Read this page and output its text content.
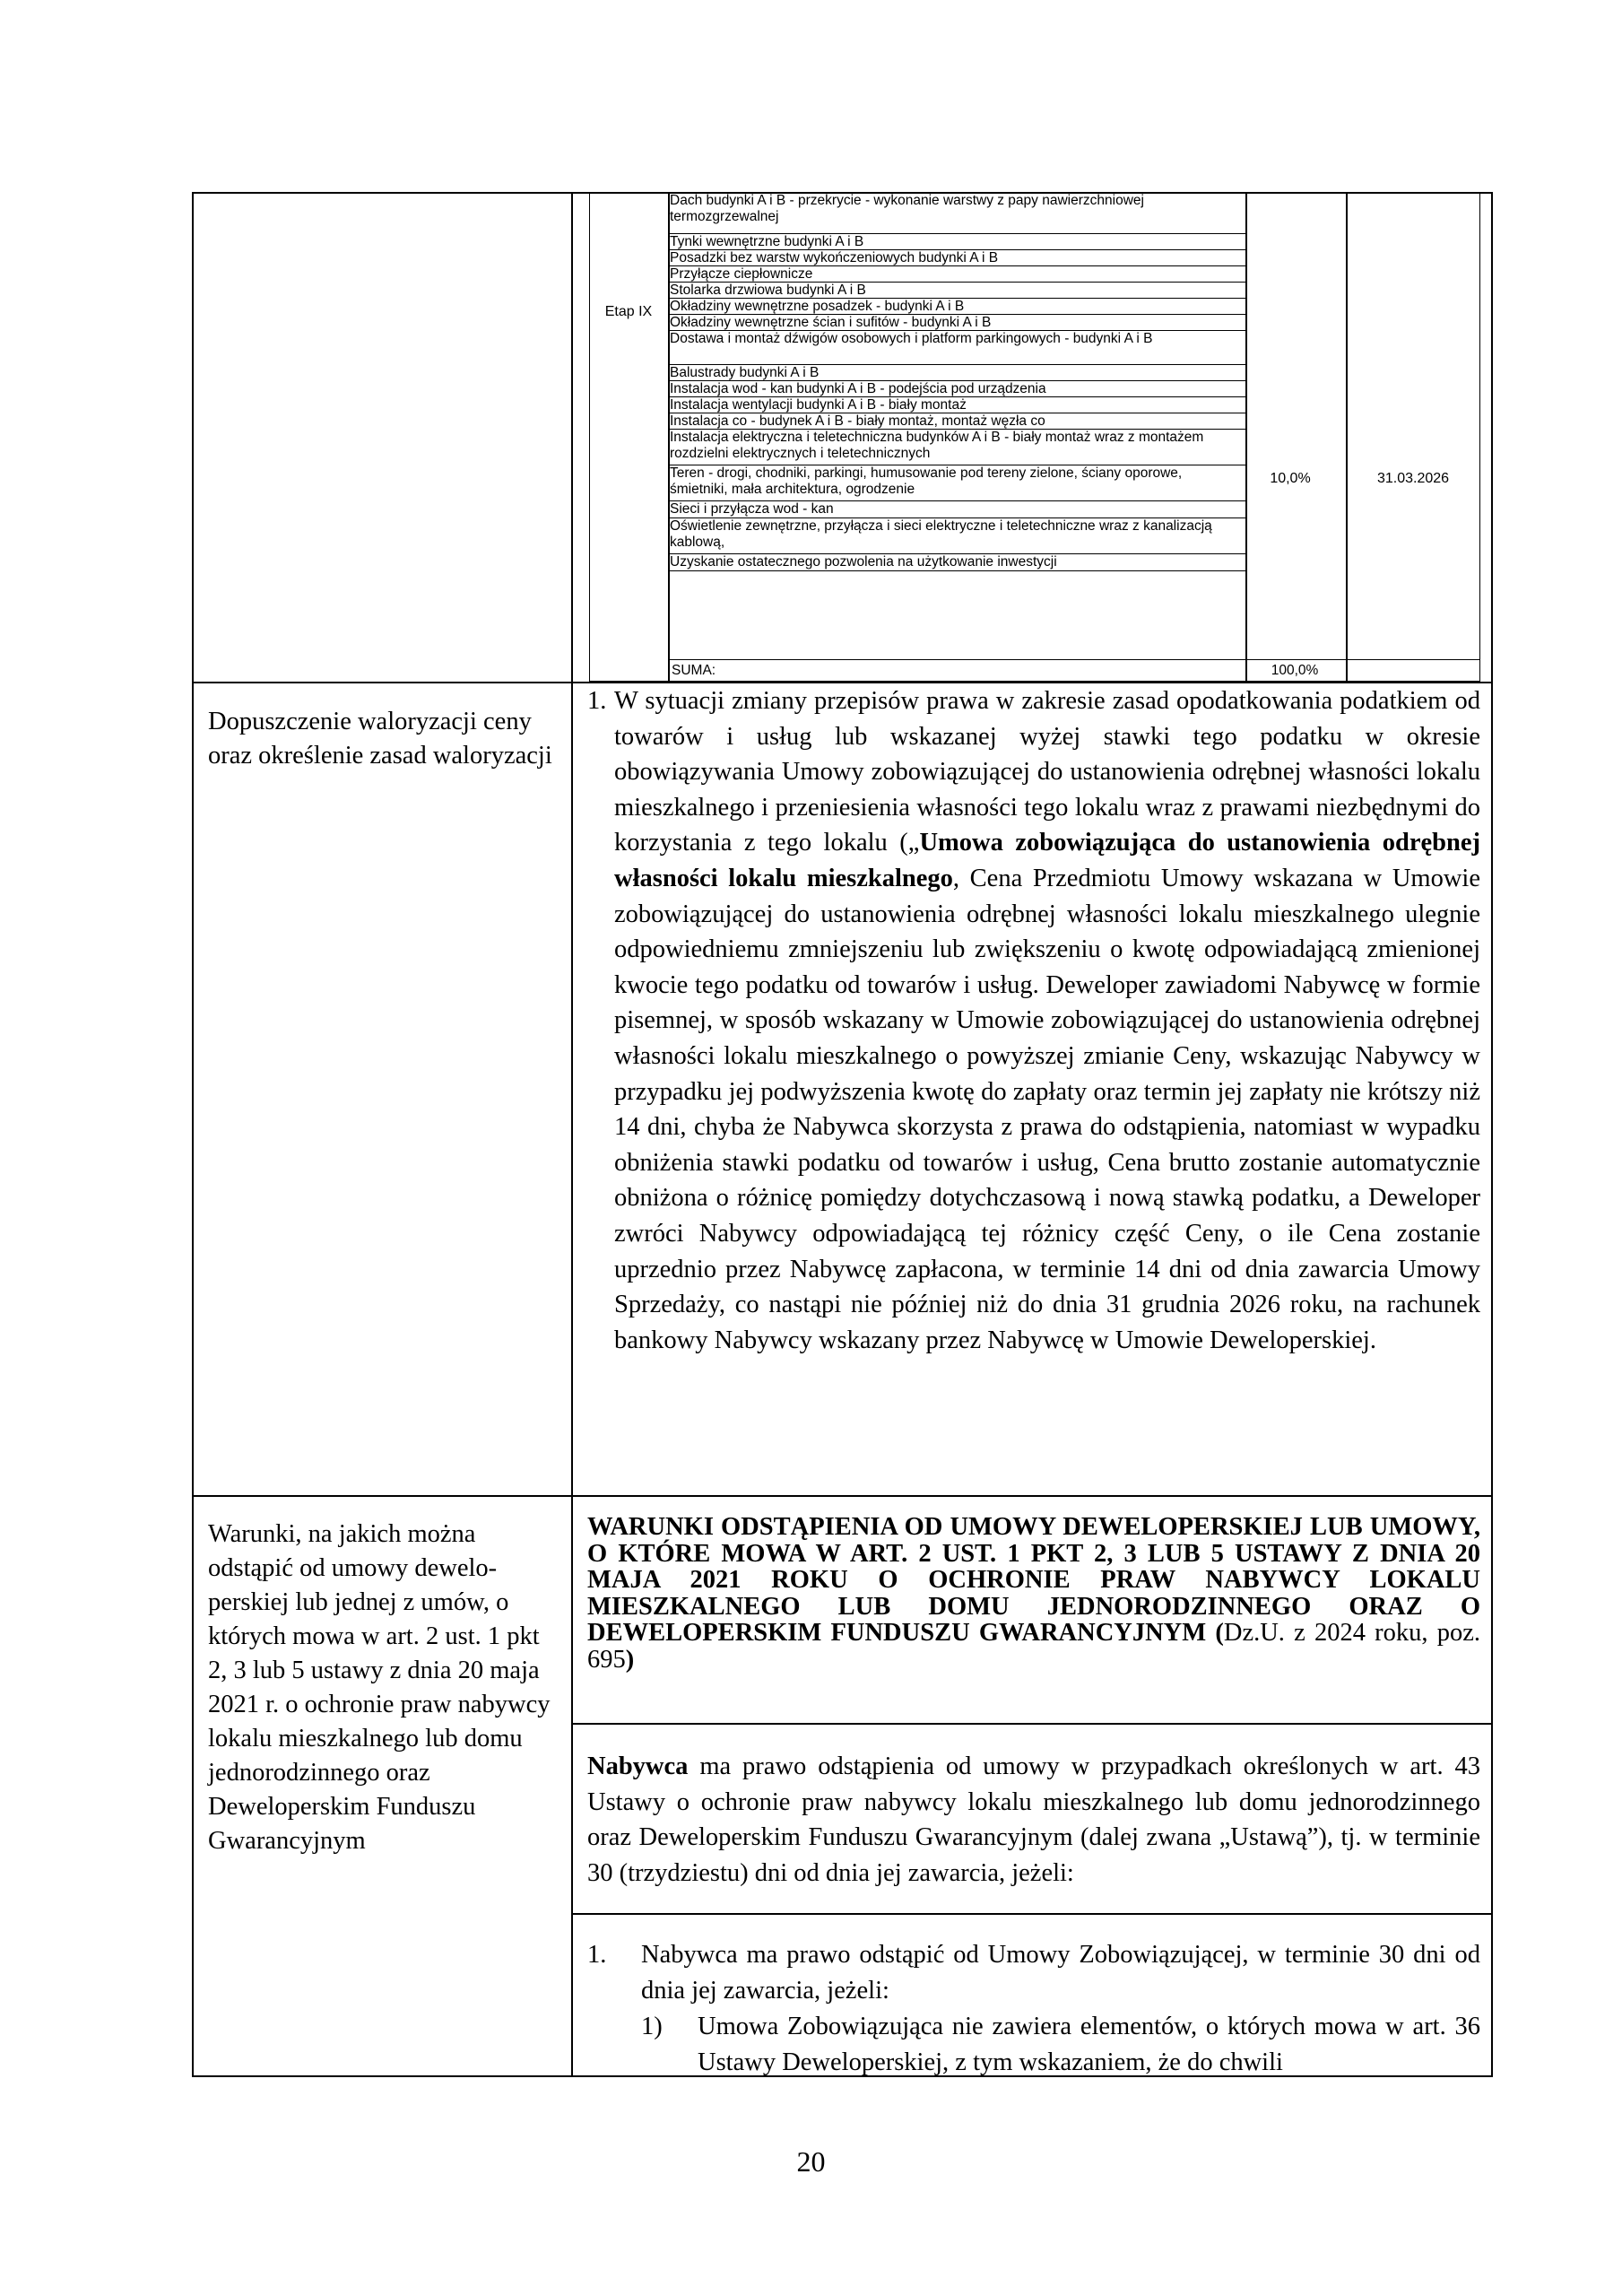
Etap IX
Dach budynki A i B - przekrycie - wykonanie warstwy z papy nawierzchniowej termozgrzewalnej
Tynki wewnętrzne budynki A i B
Posadzki bez warstw wykończeniowych budynki A i B
Przyłącze ciepłownicze
Stolarka drzwiowa budynki A i B
Okładziny wewnętrzne posadzek - budynki A i B
Okładziny wewnętrzne ścian i sufitów - budynki A i B
Dostawa i montaż dźwigów osobowych i platform parkingowych - budynki A i B
Balustrady budynki A i B
Instalacja wod - kan budynki A i B - podejścia pod urządzenia
Instalacja wentylacji budynki A i B - biały montaż
Instalacja co - budynek A i B - biały montaż, montaż węzła co
Instalacja elektryczna i teletechniczna budynków A i B - biały montaż wraz z montażem rozdzielni elektrycznych i teletechnicznych
Teren - drogi, chodniki, parkingi, humusowanie pod tereny zielone, ściany oporowe, śmietniki, mała architektura, ogrodzenie
Sieci i przyłącza wod - kan
Oświetlenie zewnętrzne, przyłącza i sieci elektryczne i teletechniczne wraz z kanalizacją kablową,
Uzyskanie ostatecznego pozwolenia na użytkowanie inwestycji
10,0%	31.03.2026
SUMA:	100,0%
Dopuszczenie waloryzacji ceny oraz określenie zasad waloryzacji
1. W sytuacji zmiany przepisów prawa w zakresie zasad opodatkowania podatkiem od towarów i usług lub wskazanej wyżej stawki tego podatku w okresie obowiązywania Umowy zobowiązującej do ustanowienia odrębnej własności lokalu mieszkalnego i przeniesienia własności tego lokalu wraz z prawami niezbędnymi do korzystania z tego lokalu („Umowa zobowiązująca do ustanowienia odrębnej własności lokalu mieszkalnego, Cena Przedmiotu Umowy wskazana w Umowie zobowiązującej do ustanowienia odrębnej własności lokalu mieszkalnego ulegnie odpowiedniemu zmniejszeniu lub zwiększeniu o kwotę odpowiadającą zmienionej kwocie tego podatku od towarów i usług. Deweloper zawiadomi Nabywcę w formie pisemnej, w sposób wskazany w Umowie zobowiązującej do ustanowienia odrębnej własności lokalu mieszkalnego o powyższej zmianie Ceny, wskazując Nabywcy w przypadku jej podwyższenia kwotę do zapłaty oraz termin jej zapłaty nie krótszy niż 14 dni, chyba że Nabywca skorzysta z prawa do odstąpienia, natomiast w wypadku obniżenia stawki podatku od towarów i usług, Cena brutto zostanie automatycznie obniżona o różnicę pomiędzy dotychczasową i nową stawką podatku, a Deweloper zwróci Nabywcy odpowiadającą tej różnicy część Ceny, o ile Cena zostanie uprzednio przez Nabywcę zapłacona, w terminie 14 dni od dnia zawarcia Umowy Sprzedaży, co nastąpi nie później niż do dnia 31 grudnia 2026 roku, na rachunek bankowy Nabywcy wskazany przez Nabywcę w Umowie Deweloperskiej.
Warunki, na jakich można odstąpić od umowy dewelo-perskiej lub jednej z umów, o których mowa w art. 2 ust. 1 pkt 2, 3 lub 5 ustawy z dnia 20 maja 2021 r. o ochronie praw nabywcy lokalu mieszkalnego lub domu jednorodzinnego oraz Deweloperskim Funduszu Gwarancyjnym
WARUNKI ODSTĄPIENIA OD UMOWY DEWELOPERSKIEJ LUB UMOWY, O KTÓRE MOWA W ART. 2 UST. 1 PKT 2, 3 LUB 5 USTAWY Z DNIA 20 MAJA 2021 ROKU O OCHRONIE PRAW NABYWCY LOKALU MIESZKALNEGO LUB DOMU JEDNORODZINNEGO ORAZ O DEWELOPERSKIM FUNDUSZU GWARANCYJNYM (Dz.U. z 2024 roku, poz. 695)
Nabywca ma prawo odstąpienia od umowy w przypadkach określonych w art. 43 Ustawy o ochronie praw nabywcy lokalu mieszkalnego lub domu jednorodzinnego oraz Deweloperskim Funduszu Gwarancyjnym (dalej zwana „Ustawą”), tj. w terminie 30 (trzydziestu) dni od dnia jej zawarcia, jeżeli:
1. Nabywca ma prawo odstąpić od Umowy Zobowiązującej, w terminie 30 dni od dnia jej zawarcia, jeżeli:
1) Umowa Zobowiązująca nie zawiera elementów, o których mowa w art. 36 Ustawy Deweloperskiej, z tym wskazaniem, że do chwili
20
